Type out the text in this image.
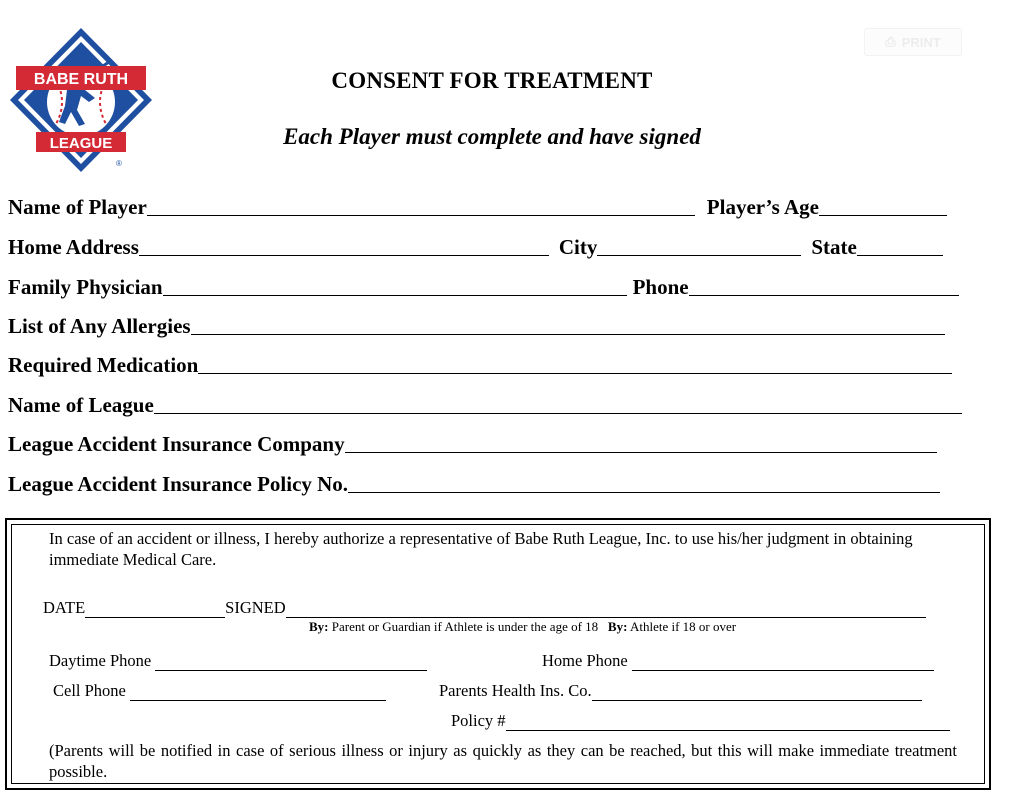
BABE RUTH
LEAGUE
®
⎙ PRINT
CONSENT FOR TREATMENT
Each Player must complete and have signed
Name of Player	Player’s Age
Home Address	City	State
Family Physician	Phone
List of Any Allergies
Required Medication
Name of League
League Accident Insurance Company
League Accident Insurance Policy No.
In case of an accident or illness, I hereby authorize a representative of Babe Ruth League, Inc. to use his/her judgment in obtaining immediate Medical Care.
DATE	SIGNED
By: Parent or Guardian if Athlete is under the age of 18 By: Athlete if 18 or over
Daytime Phone	Home Phone
Cell Phone	Parents Health Ins. Co.
Policy #
(Parents will be notified in case of serious illness or injury as quickly as they can be reached, but this will make immediate treatment possible.
